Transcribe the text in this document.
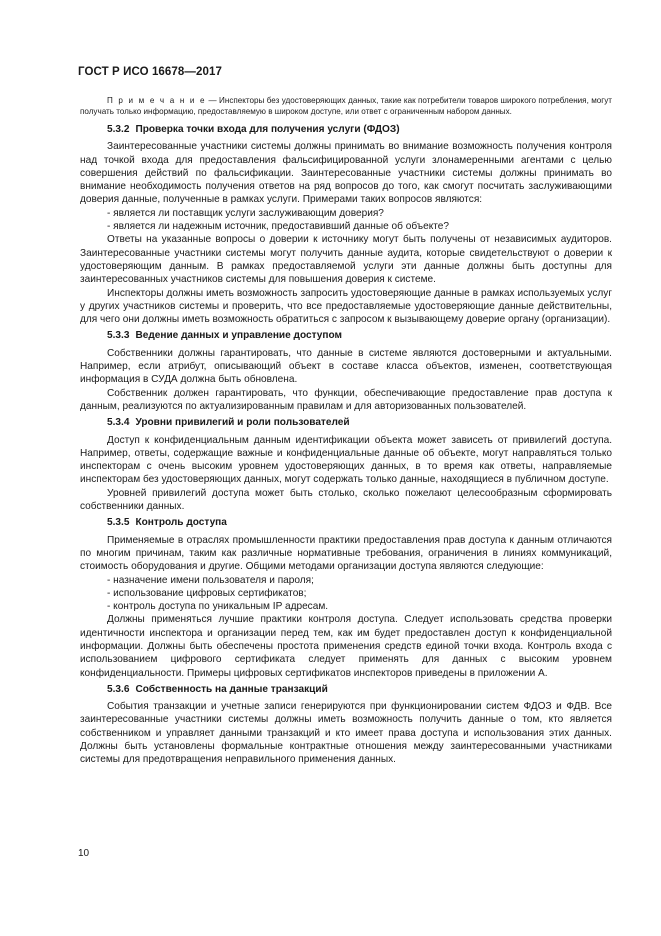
ГОСТ Р ИСО 16678—2017

П р и м е ч а н и е — Инспекторы без удостоверяющих данных, такие как потребители товаров широкого потребления, могут получать только информацию, предоставляемую в широком доступе, или ответ с ограниченным набором данных.

5.3.2 Проверка точки входа для получения услуги (ФДОЗ)

Заинтересованные участники системы должны принимать во внимание возможность получения контроля над точкой входа для предоставления фальсифицированной услуги злонамеренными агентами с целью совершения действий по фальсификации. Заинтересованные участники системы должны принимать во внимание необходимость получения ответов на ряд вопросов до того, как смогут посчитать заслуживающими доверия данные, полученные в рамках услуги. Примерами таких вопросов являются:

- является ли поставщик услуги заслуживающим доверия?

- является ли надежным источник, предоставивший данные об объекте?

Ответы на указанные вопросы о доверии к источнику могут быть получены от независимых аудиторов. Заинтересованные участники системы могут получить данные аудита, которые свидетельствуют о доверии к удостоверяющим данным. В рамках предоставляемой услуги эти данные должны быть доступны для заинтересованных участников системы для повышения доверия к системе.

Инспекторы должны иметь возможность запросить удостоверяющие данные в рамках используемых услуг у других участников системы и проверить, что все предоставляемые удостоверяющие данные действительны, для чего они должны иметь возможность обратиться с запросом к вызывающему доверие органу (организации).

5.3.3 Ведение данных и управление доступом

Собственники должны гарантировать, что данные в системе являются достоверными и актуальными. Например, если атрибут, описывающий объект в составе класса объектов, изменен, соответствующая информация в СУДА должна быть обновлена.

Собственник должен гарантировать, что функции, обеспечивающие предоставление прав доступа к данным, реализуются по актуализированным правилам и для авторизованных пользователей.

5.3.4 Уровни привилегий и роли пользователей

Доступ к конфиденциальным данным идентификации объекта может зависеть от привилегий доступа. Например, ответы, содержащие важные и конфиденциальные данные об объекте, могут направляться только инспекторам с очень высоким уровнем удостоверяющих данных, в то время как ответы, направляемые инспекторам без удостоверяющих данных, могут содержать только данные, находящиеся в публичном доступе.

Уровней привилегий доступа может быть столько, сколько пожелают целесообразным сформировать собственники данных.

5.3.5 Контроль доступа

Применяемые в отраслях промышленности практики предоставления прав доступа к данным отличаются по многим причинам, таким как различные нормативные требования, ограничения в линиях коммуникаций, стоимость оборудования и другие. Общими методами организации доступа являются следующие:

- назначение имени пользователя и пароля;

- использование цифровых сертификатов;

- контроль доступа по уникальным IP адресам.

Должны применяться лучшие практики контроля доступа. Следует использовать средства проверки идентичности инспектора и организации перед тем, как им будет предоставлен доступ к конфиденциальной информации. Должны быть обеспечены простота применения средств единой точки входа. Контроль входа с использованием цифрового сертификата следует применять для данных с высоким уровнем конфиденциальности. Примеры цифровых сертификатов инспекторов приведены в приложении А.

5.3.6 Собственность на данные транзакций

События транзакции и учетные записи генерируются при функционировании систем ФДОЗ и ФДВ. Все заинтересованные участники системы должны иметь возможность получить данные о том, кто является собственником и управляет данными транзакций и кто имеет права доступа и использования этих данных. Должны быть установлены формальные контрактные отношения между заинтересованными участниками системы для предотвращения неправильного применения данных.

10
